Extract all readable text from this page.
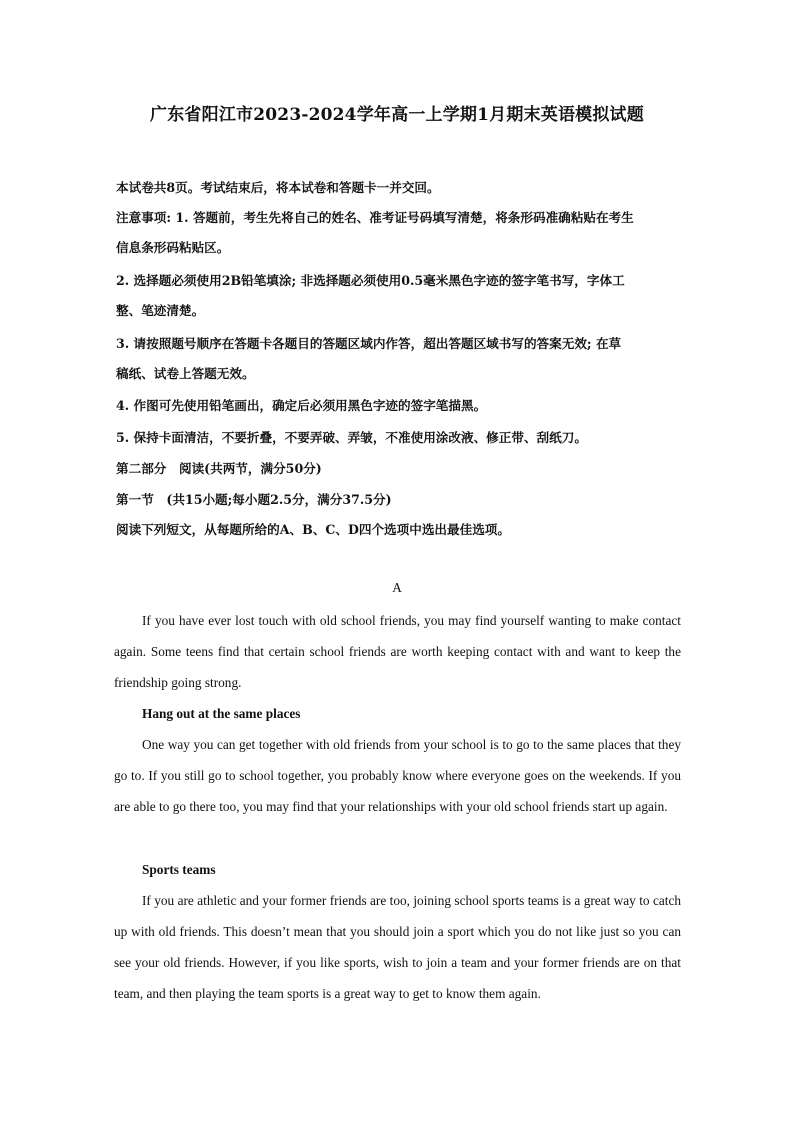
广东省阳江市2023-2024学年高一上学期1月期末英语模拟试题
本试卷共8页。考试结束后，将本试卷和答题卡一并交回。
注意事项: 1. 答题前，考生先将自己的姓名、准考证号码填写清楚，将条形码准确粘贴在考生
信息条形码粘贴区。
2. 选择题必须使用2B铅笔填涂; 非选择题必须使用0.5毫米黑色字迹的签字笔书写，字体工
整、笔迹清楚。
3. 请按照题号顺序在答题卡各题目的答题区域内作答，超出答题区域书写的答案无效; 在草
稿纸、试卷上答题无效。
4. 作图可先使用铅笔画出，确定后必须用黑色字迹的签字笔描黑。
5. 保持卡面清洁，不要折叠，不要弄破、弄皱，不准使用涂改液、修正带、刮纸刀。
第二部分　阅读(共两节，满分50分)
第一节　(共15小题;每小题2.5分，满分37.5分)
阅读下列短文，从每题所给的A、B、C、D四个选项中选出最佳选项。
A
If you have ever lost touch with old school friends, you may find yourself wanting to make contact again. Some teens find that certain school friends are worth keeping contact with and want to keep the friendship going strong.
Hang out at the same places
One way you can get together with old friends from your school is to go to the same places that they go to. If you still go to school together, you probably know where everyone goes on the weekends. If you are able to go there too, you may find that your relationships with your old school friends start up again.
Sports teams
If you are athletic and your former friends are too, joining school sports teams is a great way to catch up with old friends. This doesn’t mean that you should join a sport which you do not like just so you can see your old friends. However, if you like sports, wish to join a team and your former friends are on that team, and then playing the team sports is a great way to get to know them again.
